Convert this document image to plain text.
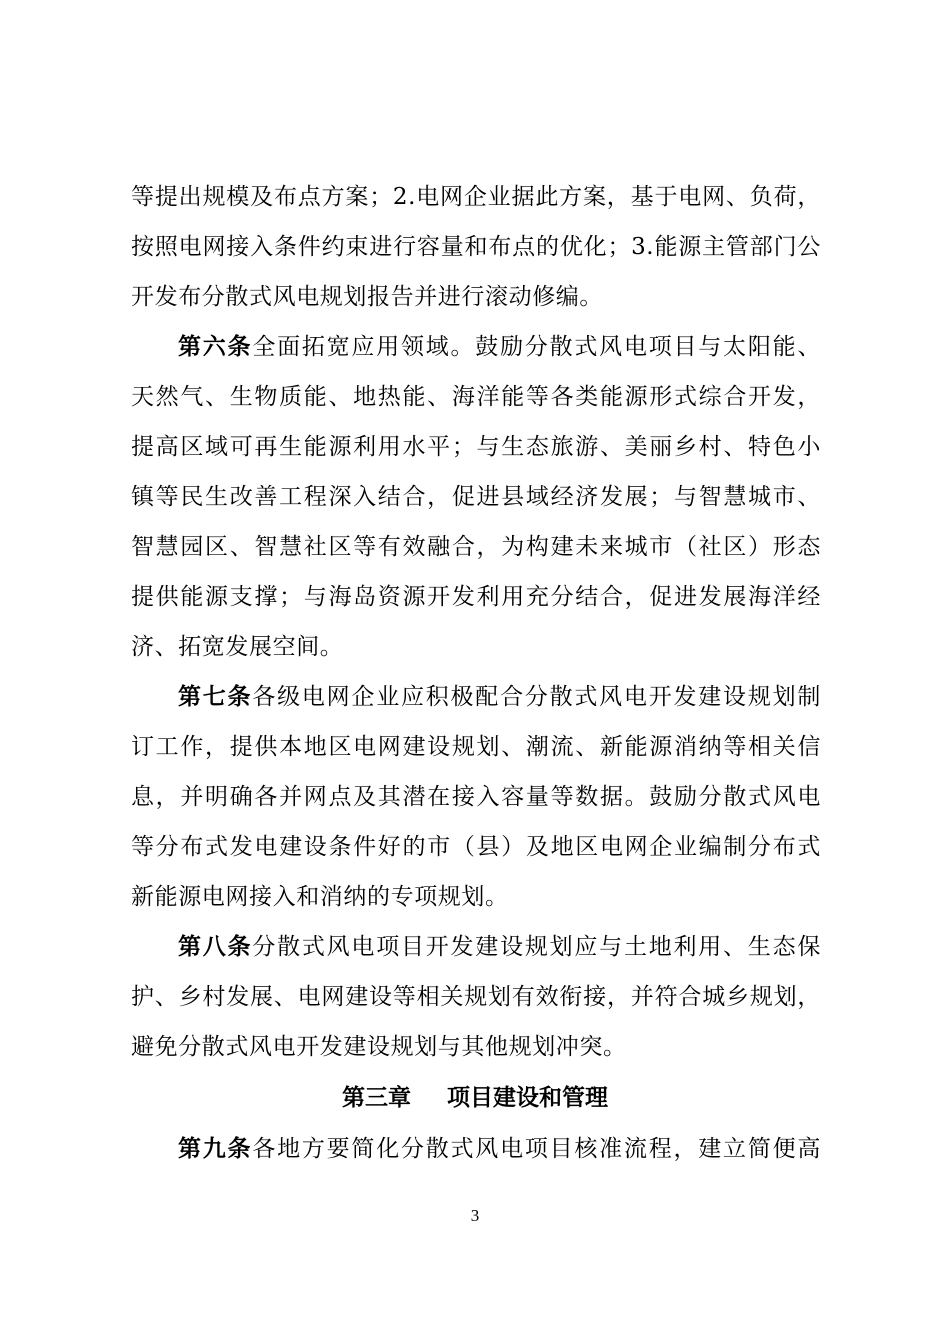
等提出规模及布点方案；2.电网企业据此方案，基于电网、负荷，
按照电网接入条件约束进行容量和布点的优化；3.能源主管部门公
开发布分散式风电规划报告并进行滚动修编。
第六条全面拓宽应用领域。鼓励分散式风电项目与太阳能、
天然气、生物质能、地热能、海洋能等各类能源形式综合开发，
提高区域可再生能源利用水平；与生态旅游、美丽乡村、特色小
镇等民生改善工程深入结合，促进县域经济发展；与智慧城市、
智慧园区、智慧社区等有效融合，为构建未来城市（社区）形态
提供能源支撑；与海岛资源开发利用充分结合，促进发展海洋经
济、拓宽发展空间。
第七条各级电网企业应积极配合分散式风电开发建设规划制
订工作，提供本地区电网建设规划、潮流、新能源消纳等相关信
息，并明确各并网点及其潜在接入容量等数据。鼓励分散式风电
等分布式发电建设条件好的市（县）及地区电网企业编制分布式
新能源电网接入和消纳的专项规划。
第八条分散式风电项目开发建设规划应与土地利用、生态保
护、乡村发展、电网建设等相关规划有效衔接，并符合城乡规划，
避免分散式风电开发建设规划与其他规划冲突。
第三章 项目建设和管理
第九条各地方要简化分散式风电项目核准流程，建立简便高
3
